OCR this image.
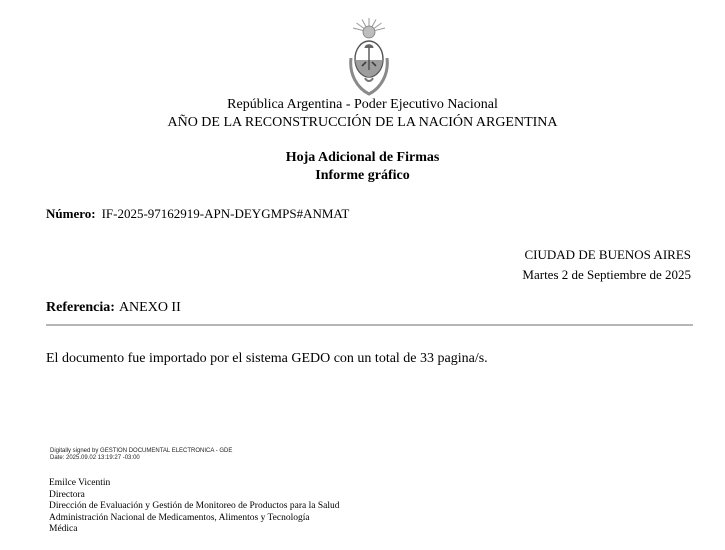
República Argentina - Poder Ejecutivo Nacional
AÑO DE LA RECONSTRUCCIÓN DE LA NACIÓN ARGENTINA
Hoja Adicional de Firmas
Informe gráfico
Número: IF-2025-97162919-APN-DEYGMPS#ANMAT
CIUDAD DE BUENOS AIRES
Martes 2 de Septiembre de 2025
Referencia: ANEXO II
El documento fue importado por el sistema GEDO con un total de 33 pagina/s.
Digitally signed by GESTION DOCUMENTAL ELECTRONICA - GDE
Date: 2025.09.02 13:19:27 -03:00
Emilce Vicentin
Directora
Dirección de Evaluación y Gestión de Monitoreo de Productos para la Salud
Administración Nacional de Medicamentos, Alimentos y Tecnología
Médica
